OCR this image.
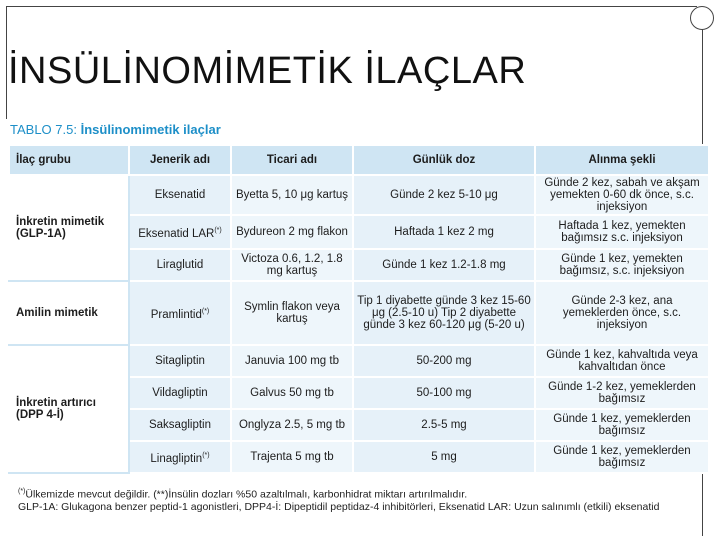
İNSÜLİNOMİMETİK İLAÇLAR
TABLO 7.5: İnsülinomimetik ilaçlar
İlaç grubu	Jenerik adı	Ticari adı	Günlük doz	Alınma şekli
İnkretin mimetik (GLP-1A)	Eksenatid	Byetta 5, 10 μg kartuş	Günde 2 kez 5-10 μg	Günde 2 kez, sabah ve akşam yemekten 0-60 dk önce, s.c. injeksiyon
	Eksenatid LAR(*)	Bydureon 2 mg flakon	Haftada 1 kez 2 mg	Haftada 1 kez, yemekten bağımsız s.c. injeksiyon
	Liraglutid	Victoza 0.6, 1.2, 1.8 mg kartuş	Günde 1 kez 1.2-1.8 mg	Günde 1 kez, yemekten bağımsız, s.c. injeksiyon
Amilin mimetik	Pramlintid(*)	Symlin flakon veya kartuş	Tip 1 diyabette günde 3 kez 15-60 μg (2.5-10 u) Tip 2 diyabette günde 3 kez 60-120 μg (5-20 u)	Günde 2-3 kez, ana yemeklerden önce, s.c. injeksiyon
İnkretin artırıcı (DPP 4-İ)	Sitagliptin	Januvia 100 mg tb	50-200 mg	Günde 1 kez, kahvaltıda veya kahvaltıdan önce
	Vildagliptin	Galvus 50 mg tb	50-100 mg	Günde 1-2 kez, yemeklerden bağımsız
	Saksagliptin	Onglyza 2.5, 5 mg tb	2.5-5 mg	Günde 1 kez, yemeklerden bağımsız
	Linagliptin(*)	Trajenta 5 mg tb	5 mg	Günde 1 kez, yemeklerden bağımsız

(*)Ülkemizde mevcut değildir. (**)İnsülin dozları %50 azaltılmalı, karbonhidrat miktarı artırılmalıdır.

GLP-1A: Glukagona benzer peptid-1 agonistleri, DPP4-İ: Dipeptidil peptidaz-4 inhibitörleri, Eksenatid LAR: Uzun salınımlı (etkili) eksenatid
